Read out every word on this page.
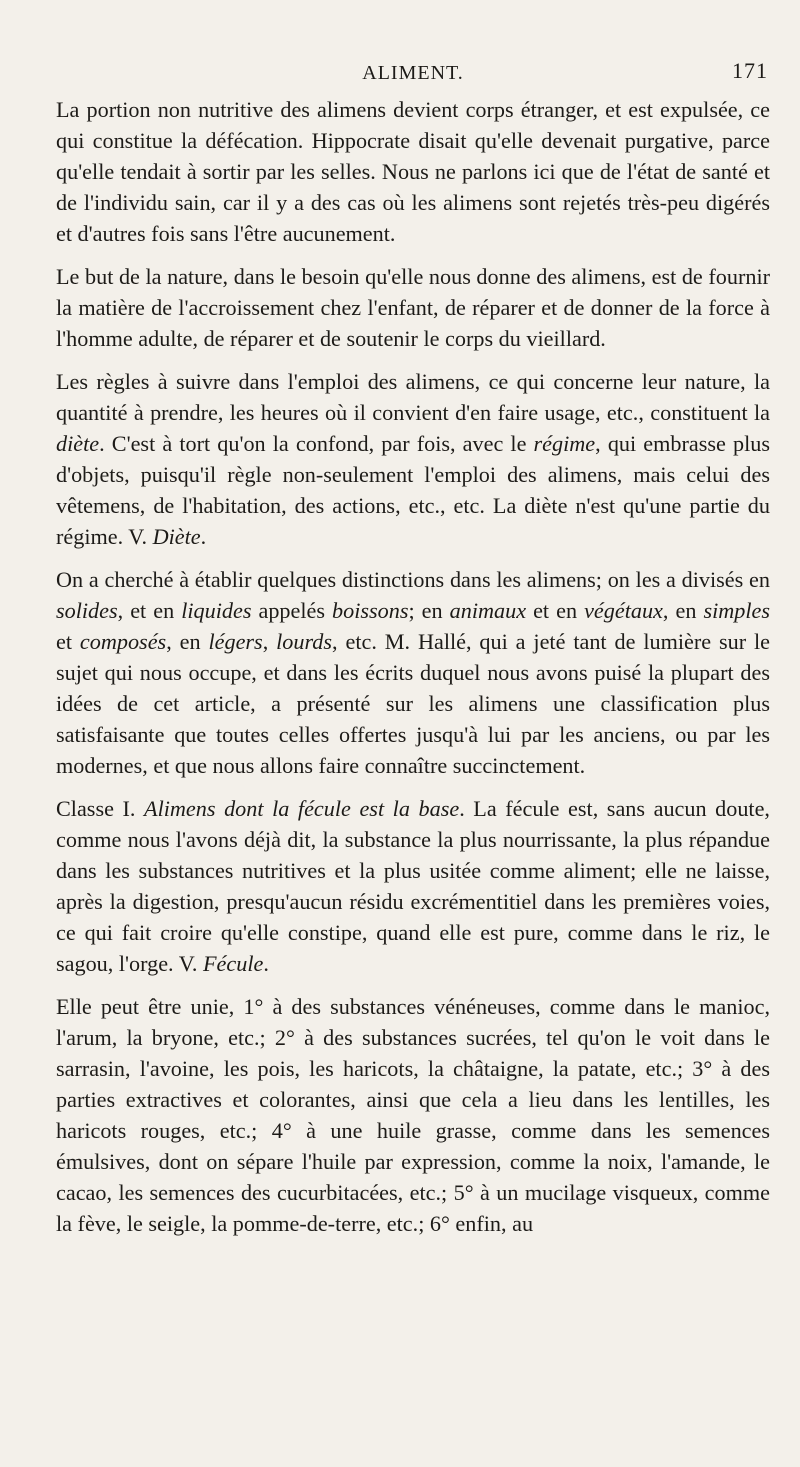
ALIMENT.	171

La portion non nutritive des alimens devient corps étranger, et est expulsée, ce qui constitue la défécation. Hippocrate disait qu'elle devenait purgative, parce qu'elle tendait à sortir par les selles. Nous ne parlons ici que de l'état de santé et de l'individu sain, car il y a des cas où les alimens sont rejetés très-peu digérés et d'autres fois sans l'être aucunement.

Le but de la nature, dans le besoin qu'elle nous donne des alimens, est de fournir la matière de l'accroissement chez l'enfant, de réparer et de donner de la force à l'homme adulte, de réparer et de soutenir le corps du vieillard.

Les règles à suivre dans l'emploi des alimens, ce qui concerne leur nature, la quantité à prendre, les heures où il convient d'en faire usage, etc., constituent la diète. C'est à tort qu'on la confond, par fois, avec le régime, qui embrasse plus d'objets, puisqu'il règle non-seulement l'emploi des alimens, mais celui des vêtemens, de l'habitation, des actions, etc., etc. La diète n'est qu'une partie du régime. V. Diète.

On a cherché à établir quelques distinctions dans les alimens; on les a divisés en solides, et en liquides appelés boissons; en animaux et en végétaux, en simples et composés, en légers, lourds, etc. M. Hallé, qui a jeté tant de lumière sur le sujet qui nous occupe, et dans les écrits duquel nous avons puisé la plupart des idées de cet article, a présenté sur les alimens une classification plus satisfaisante que toutes celles offertes jusqu'à lui par les anciens, ou par les modernes, et que nous allons faire connaître succinctement.

Classe I. Alimens dont la fécule est la base. La fécule est, sans aucun doute, comme nous l'avons déjà dit, la substance la plus nourrissante, la plus répandue dans les substances nutritives et la plus usitée comme aliment; elle ne laisse, après la digestion, presqu'aucun résidu excrémentitiel dans les premières voies, ce qui fait croire qu'elle constipe, quand elle est pure, comme dans le riz, le sagou, l'orge. V. Fécule.

Elle peut être unie, 1° à des substances vénéneuses, comme dans le manioc, l'arum, la bryone, etc.; 2° à des substances sucrées, tel qu'on le voit dans le sarrasin, l'avoine, les pois, les haricots, la châtaigne, la patate, etc.; 3° à des parties extractives et colorantes, ainsi que cela a lieu dans les lentilles, les haricots rouges, etc.; 4° à une huile grasse, comme dans les semences émulsives, dont on sépare l'huile par expression, comme la noix, l'amande, le cacao, les semences des cucurbitacées, etc.; 5° à un mucilage visqueux, comme la fève, le seigle, la pomme-de-terre, etc.; 6° enfin, au
